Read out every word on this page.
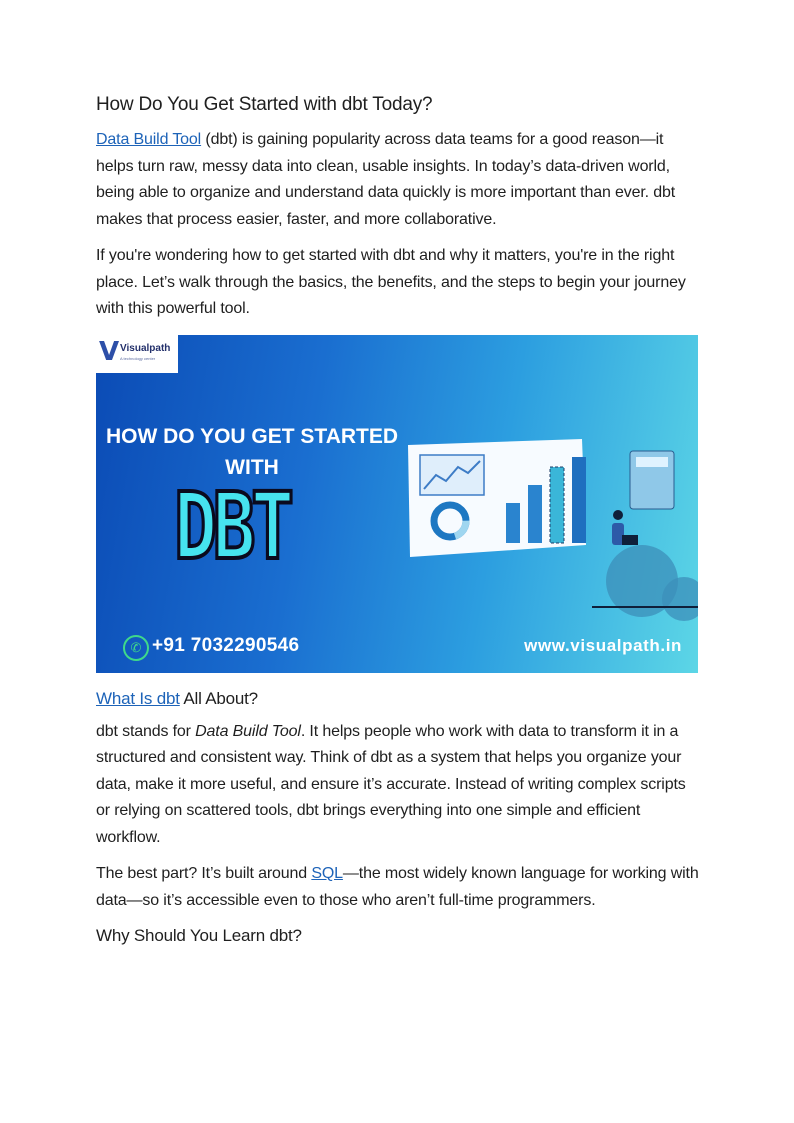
How Do You Get Started with dbt Today?

Data Build Tool (dbt) is gaining popularity across data teams for a good reason—it helps turn raw, messy data into clean, usable insights. In today’s data-driven world, being able to organize and understand data quickly is more important than ever. dbt makes that process easier, faster, and more collaborative.

If you're wondering how to get started with dbt and why it matters, you're in the right place. Let’s walk through the basics, the benefits, and the steps to begin your journey with this powerful tool.

V Visualpath
A technology center
HOW DO YOU GET STARTED
WITH
DBT
✆ +91 7032290546	www.visualpath.in
What Is dbt All About?

dbt stands for Data Build Tool. It helps people who work with data to transform it in a structured and consistent way. Think of dbt as a system that helps you organize your data, make it more useful, and ensure it’s accurate. Instead of writing complex scripts or relying on scattered tools, dbt brings everything into one simple and efficient workflow.

The best part? It’s built around SQL—the most widely known language for working with data—so it’s accessible even to those who aren’t full-time programmers.

Why Should You Learn dbt?
